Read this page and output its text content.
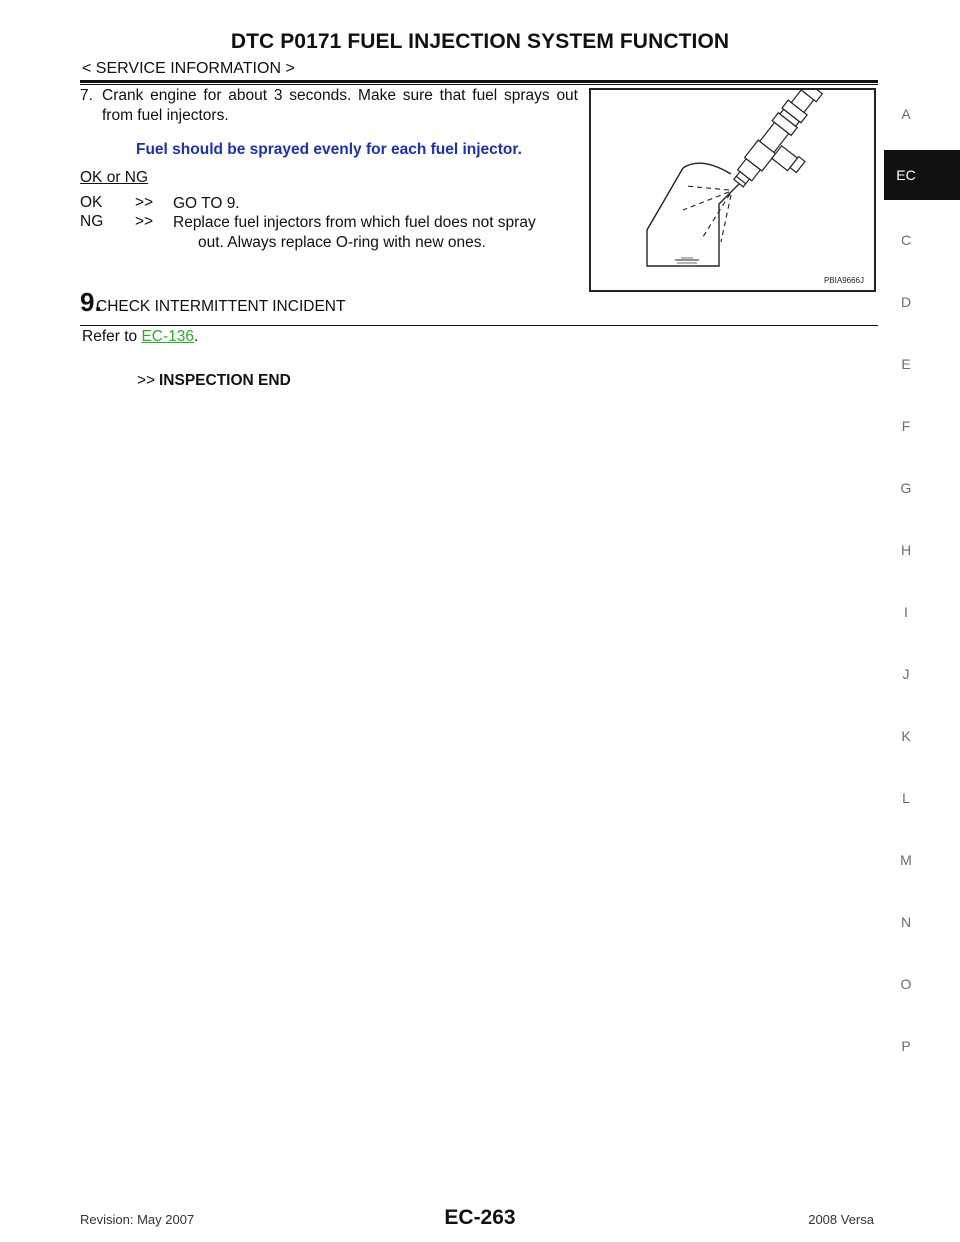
DTC P0171 FUEL INJECTION SYSTEM FUNCTION
< SERVICE INFORMATION >
7. Crank engine for about 3 seconds. Make sure that fuel sprays out from fuel injectors.
Fuel should be sprayed evenly for each fuel injector.
OK or NG
OK >> GO TO 9.
NG >> Replace fuel injectors from which fuel does not spray
out. Always replace O-ring with new ones.
PBIA9666J
9.
CHECK INTERMITTENT INCIDENT
Refer to EC-136.
>> INSPECTION END
A
EC
C
D
E
F
G
H
I
J
K
L
M
N
O
P
Revision: May 2007	EC-263	2008 Versa
